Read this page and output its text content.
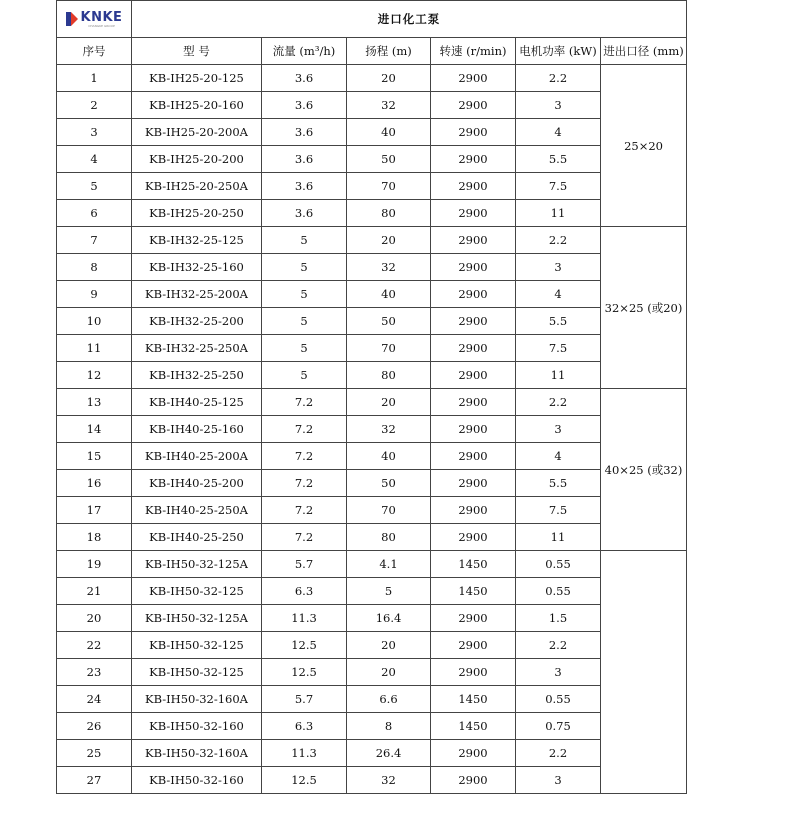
KNKE
CHANGKE GROUP	进口化工泵					
序号	型 号	流量 (m³/h)	扬程 (m)	转速 (r/min)	电机功率 (kW)	进出口径 (mm)
1	KB-IH25-20-125	3.6	20	2900	2.2	25×20
2	KB-IH25-20-160	3.6	32	2900	3	
3	KB-IH25-20-200A	3.6	40	2900	4	
4	KB-IH25-20-200	3.6	50	2900	5.5	
5	KB-IH25-20-250A	3.6	70	2900	7.5	
6	KB-IH25-20-250	3.6	80	2900	11	
7	KB-IH32-25-125	5	20	2900	2.2	32×25 (或20)
8	KB-IH32-25-160	5	32	2900	3	
9	KB-IH32-25-200A	5	40	2900	4	
10	KB-IH32-25-200	5	50	2900	5.5	
11	KB-IH32-25-250A	5	70	2900	7.5	
12	KB-IH32-25-250	5	80	2900	11	
13	KB-IH40-25-125	7.2	20	2900	2.2	40×25 (或32)
14	KB-IH40-25-160	7.2	32	2900	3	
15	KB-IH40-25-200A	7.2	40	2900	4	
16	KB-IH40-25-200	7.2	50	2900	5.5	
17	KB-IH40-25-250A	7.2	70	2900	7.5	
18	KB-IH40-25-250	7.2	80	2900	11	
19	KB-IH50-32-125A	5.7	4.1	1450	0.55	
21	KB-IH50-32-125	6.3	5	1450	0.55	
20	KB-IH50-32-125A	11.3	16.4	2900	1.5	
22	KB-IH50-32-125	12.5	20	2900	2.2	
23	KB-IH50-32-125	12.5	20	2900	3	
24	KB-IH50-32-160A	5.7	6.6	1450	0.55	
26	KB-IH50-32-160	6.3	8	1450	0.75	
25	KB-IH50-32-160A	11.3	26.4	2900	2.2	
27	KB-IH50-32-160	12.5	32	2900	3	
